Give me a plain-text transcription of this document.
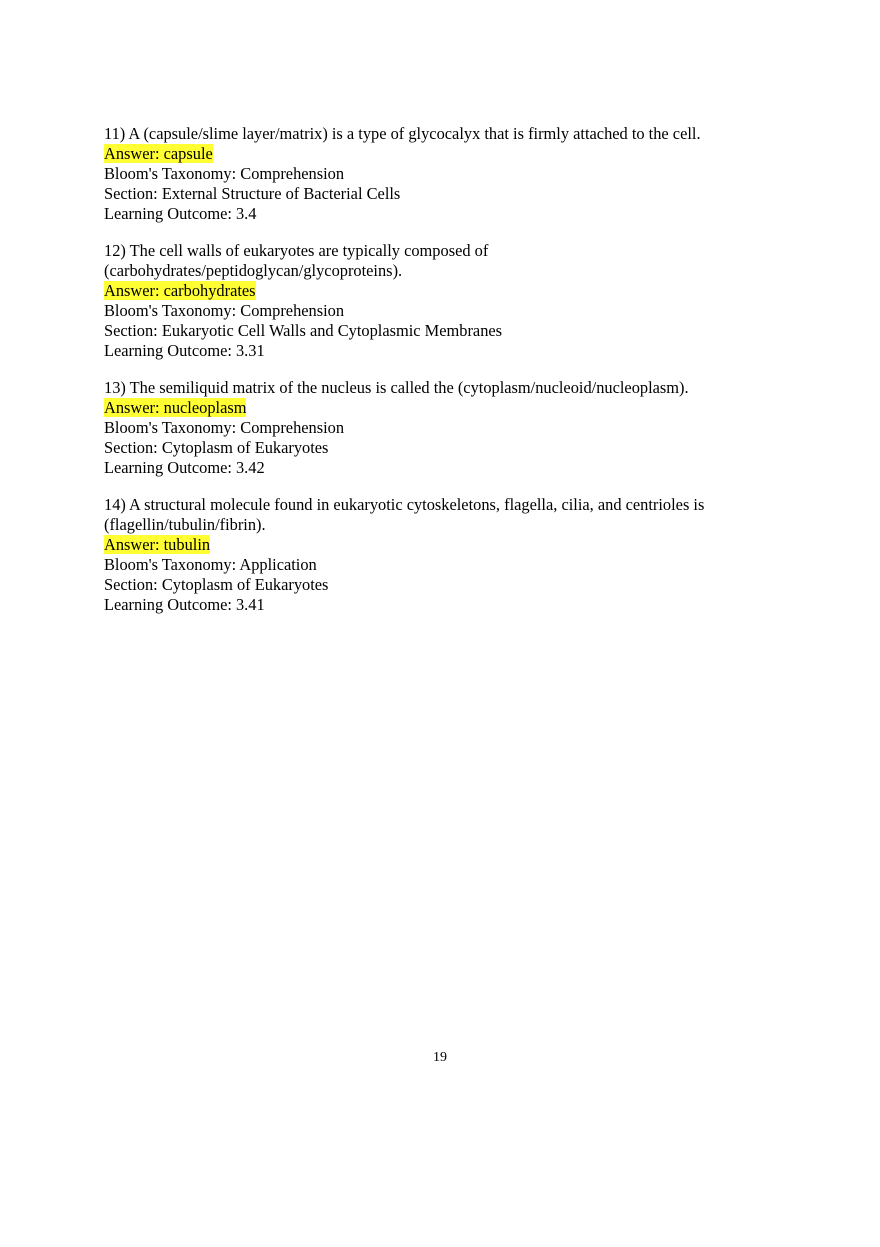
11) A (capsule/slime layer/matrix) is a type of glycocalyx that is firmly attached to the cell.
Answer: capsule
Bloom's Taxonomy: Comprehension
Section: External Structure of Bacterial Cells
Learning Outcome: 3.4
12) The cell walls of eukaryotes are typically composed of
(carbohydrates/peptidoglycan/glycoproteins).
Answer: carbohydrates
Bloom's Taxonomy: Comprehension
Section: Eukaryotic Cell Walls and Cytoplasmic Membranes
Learning Outcome: 3.31
13) The semiliquid matrix of the nucleus is called the (cytoplasm/nucleoid/nucleoplasm).
Answer: nucleoplasm
Bloom's Taxonomy: Comprehension
Section: Cytoplasm of Eukaryotes
Learning Outcome: 3.42
14) A structural molecule found in eukaryotic cytoskeletons, flagella, cilia, and centrioles is
(flagellin/tubulin/fibrin).
Answer: tubulin
Bloom's Taxonomy: Application
Section: Cytoplasm of Eukaryotes
Learning Outcome: 3.41
19
